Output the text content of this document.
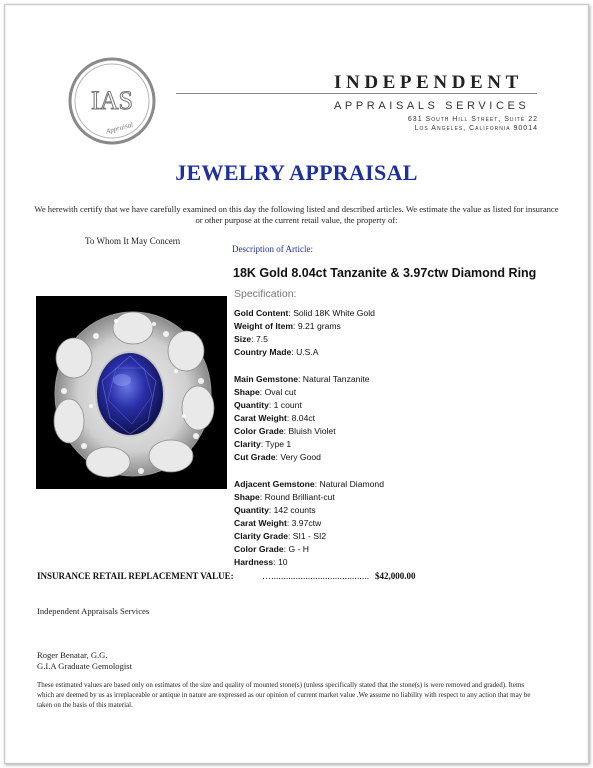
IAS
Appraisal
INDEPENDENT
APPRAISALS SERVICES
631 South Hill Street, Suite 22
Los Angeles, California 90014
JEWELRY APPRAISAL
We herewith certify that we have carefully examined on this day the following listed and described articles. We estimate the value as listed for insurance or other purpose at the current retail value, the property of:
To Whom It May Concern
Description of Article:
18K Gold 8.04ct Tanzanite & 3.97ctw Diamond Ring
Specification:
Gold Content: Solid 18K White Gold
Weight of Item: 9.21 grams
Size: 7.5
Country Made: U.S.A
Main Gemstone: Natural Tanzanite
Shape: Oval cut
Quantity: 1 count
Carat Weight: 8.04ct
Color Grade: Bluish Violet
Clarity: Type 1
Cut Grade: Very Good
Adjacent Gemstone: Natural Diamond
Shape: Round Brilliant-cut
Quantity: 142 counts
Carat Weight: 3.97ctw
Clarity Grade: SI1 - SI2
Color Grade: G - H
Hardness: 10
INSURANCE RETAIL REPLACEMENT VALUE:	…........................................ $42,000.00
Independent Appraisals Services
Roger Benatar, G.G.
G.I.A Graduate Gemologist
These estimated values are based only on estimates of the size and quality of mounted stone(s) (unless specifically stated that the stone(s) is were removed and graded). Items which are deemed by us as irreplaceable or antique in nature are expressed as our opinion of current market value .We assume no liability with respect to any action that may be taken on the basis of this material.
